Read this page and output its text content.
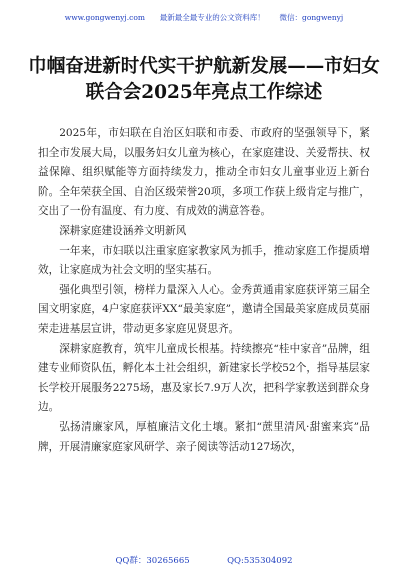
www.gongwenyj.com 最新最全最专业的公文资料库！ 微信：gongwenyj
巾帼奋进新时代实干护航新发展——市妇女联合会2025年亮点工作综述

2025年，市妇联在自治区妇联和市委、市政府的坚强领导下，紧扣全市发展大局，以服务妇女儿童为核心，在家庭建设、关爱帮扶、权益保障、组织赋能等方面持续发力，推动全市妇女儿童事业迈上新台阶。全年荣获全国、自治区级荣誉20项，多项工作获上级肯定与推广，交出了一份有温度、有力度、有成效的满意答卷。

深耕家庭建设涵养文明新风

一年来，市妇联以注重家庭家教家风为抓手，推动家庭工作提质增效，让家庭成为社会文明的坚实基石。

强化典型引领，榜样力量深入人心。金秀黄通甫家庭获评第三届全国文明家庭，4户家庭获评XX“最美家庭”，邀请全国最美家庭成员莫丽荣走进基层宣讲，带动更多家庭见贤思齐。

深耕家庭教育，筑牢儿童成长根基。持续擦亮“桂中家音”品牌，组建专业师资队伍，孵化本土社会组织，新建家长学校52个，指导基层家长学校开展服务2275场，惠及家长7.9万人次，把科学家教送到群众身边。

弘扬清廉家风，厚植廉洁文化土壤。紧扣“蔗里清风·甜蜜来宾”品牌，开展清廉家庭家风研学、亲子阅读等活动127场次，

QQ群：30265665	QQ:535304092
